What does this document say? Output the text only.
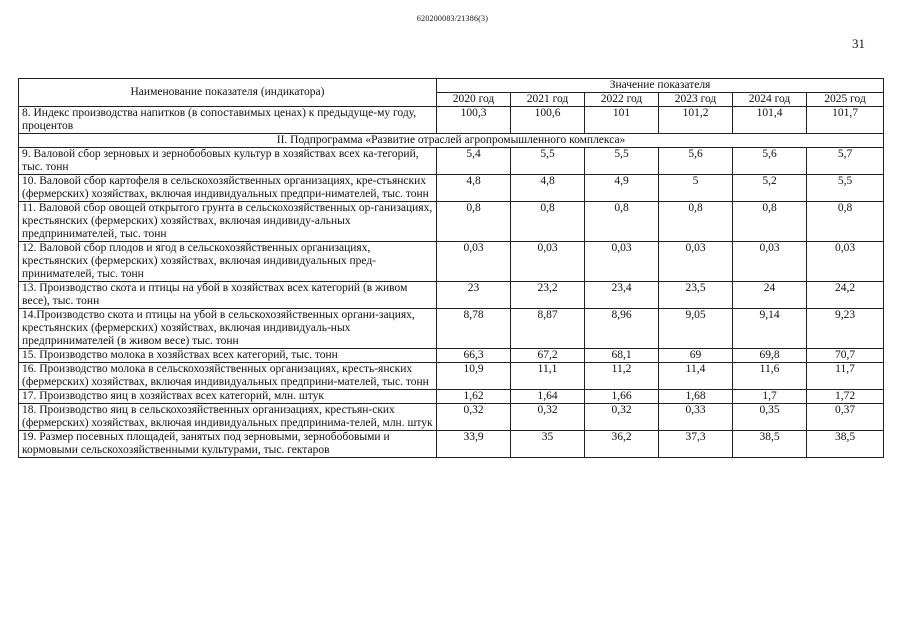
620200083/21386(3)
31
Наименование показателя (индикатора)	Значение показателя					
	2020 год	2021 год	2022 год	2023 год	2024 год	2025 год
8. Индекс производства напитков (в сопоставимых ценах) к предыдуще-му году, процентов	100,3	100,6	101	101,2	101,4	101,7
II. Подпрограмма «Развитие отраслей агропромышленного комплекса»						
9. Валовой сбор зерновых и зернобобовых культур в хозяйствах всех ка-тегорий, тыс. тонн	5,4	5,5	5,5	5,6	5,6	5,7
10. Валовой сбор картофеля в сельскохозяйственных организациях, кре-стьянских (фермерских) хозяйствах, включая индивидуальных предпри-нимателей, тыс. тонн	4,8	4,8	4,9	5	5,2	5,5
11. Валовой сбор овощей открытого грунта в сельскохозяйственных ор-ганизациях, крестьянских (фермерских) хозяйствах, включая индивиду-альных предпринимателей, тыс. тонн	0,8	0,8	0,8	0,8	0,8	0,8
12. Валовой сбор плодов и ягод в сельскохозяйственных организациях, крестьянских (фермерских) хозяйствах, включая индивидуальных пред-принимателей, тыс. тонн	0,03	0,03	0,03	0,03	0,03	0,03
13. Производство скота и птицы на убой в хозяйствах всех категорий (в живом весе), тыс. тонн	23	23,2	23,4	23,5	24	24,2
14.Производство скота и птицы на убой в сельскохозяйственных органи-зациях, крестьянских (фермерских) хозяйствах, включая индивидуаль-ных предпринимателей (в живом весе) тыс. тонн	8,78	8,87	8,96	9,05	9,14	9,23
15. Производство молока в хозяйствах всех категорий, тыс. тонн	66,3	67,2	68,1	69	69,8	70,7
16. Производство молока в сельскохозяйственных организациях, кресть-янских (фермерских) хозяйствах, включая индивидуальных предприни-мателей, тыс. тонн	10,9	11,1	11,2	11,4	11,6	11,7
17. Производство яиц в хозяйствах всех категорий, млн. штук	1,62	1,64	1,66	1,68	1,7	1,72
18. Производство яиц в сельскохозяйственных организациях, крестьян-ских (фермерских) хозяйствах, включая индивидуальных предпринима-телей, млн. штук	0,32	0,32	0,32	0,33	0,35	0,37
19. Размер посевных площадей, занятых под зерновыми, зернобобовыми и кормовыми сельскохозяйственными культурами, тыс. гектаров	33,9	35	36,2	37,3	38,5	38,5
